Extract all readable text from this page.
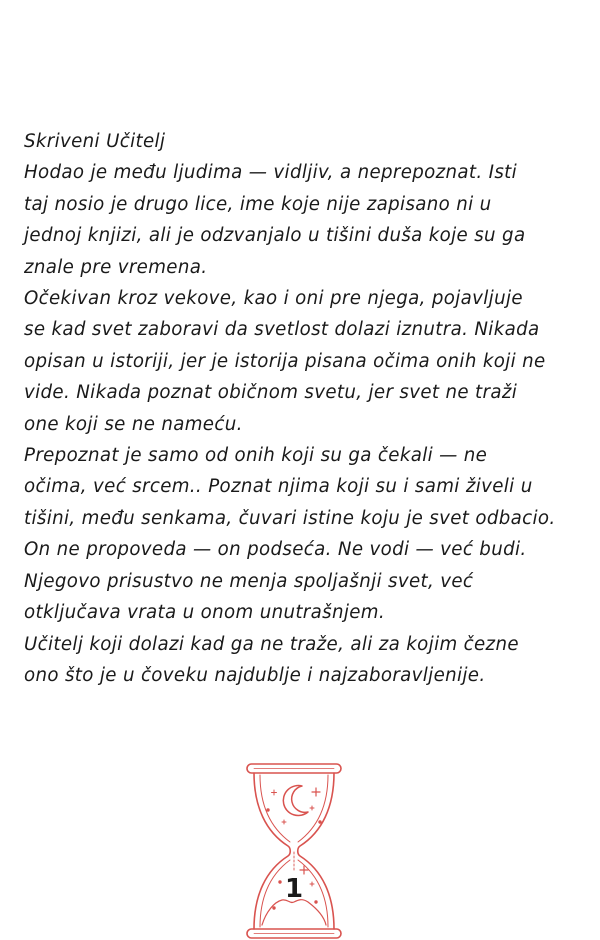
Skriveni Učitelj
Hodao je među ljudima — vidljiv, a neprepoznat. Isti
taj nosio je drugo lice, ime koje nije zapisano ni u
jednoj knjizi, ali je odzvanjalo u tišini duša koje su ga
znale pre vremena.
Očekivan kroz vekove, kao i oni pre njega, pojavljuje
se kad svet zaboravi da svetlost dolazi iznutra. Nikada
opisan u istoriji, jer je istorija pisana očima onih koji ne
vide. Nikada poznat običnom svetu, jer svet ne traži
one koji se ne nameću.
Prepoznat je samo od onih koji su ga čekali — ne
očima, već srcem.. Poznat njima koji su i sami živeli u
tišini, među senkama, čuvari istine koju je svet odbacio.
On ne propoveda — on podseća. Ne vodi — već budi.
Njegovo prisustvo ne menja spoljašnji svet, već
otključava vrata u onom unutrašnjem.
Učitelj koji dolazi kad ga ne traže, ali za kojim čezne
ono što je u čoveku najdublje i najzaboravljenije.
1
